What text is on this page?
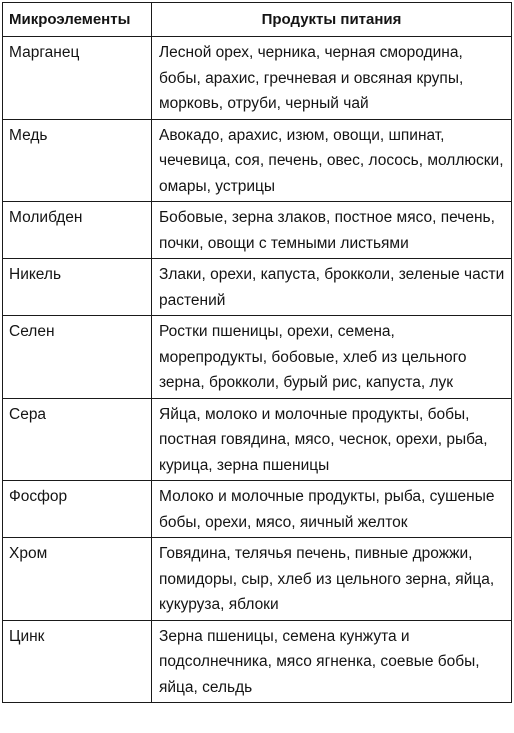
Микроэлементы	Продукты питания
Марганец	Лесной орех, черника, черная смородина, бобы, арахис, гречневая и овсяная крупы, морковь, отруби, черный чай
Медь	Авокадо, арахис, изюм, овощи, шпинат, чечевица, соя, печень, овес, лосось, моллюски, омары, устрицы
Молибден	Бобовые, зерна злаков, постное мясо, печень, почки, овощи с темными листьями
Никель	Злаки, орехи, капуста, брокколи, зеленые части растений
Селен	Ростки пшеницы, орехи, семена, морепродукты, бобовые, хлеб из цельного зерна, брокколи, бурый рис, капуста, лук
Сера	Яйца, молоко и молочные продукты, бобы, постная говядина, мясо, чеснок, орехи, рыба, курица, зерна пшеницы
Фосфор	Молоко и молочные продукты, рыба, сушеные бобы, орехи, мясо, яичный желток
Хром	Говядина, телячья печень, пивные дрожжи, помидоры, сыр, хлеб из цельного зерна, яйца, кукуруза, яблоки
Цинк	Зерна пшеницы, семена кунжута и подсолнечника, мясо ягненка, соевые бобы, яйца, сельдь
